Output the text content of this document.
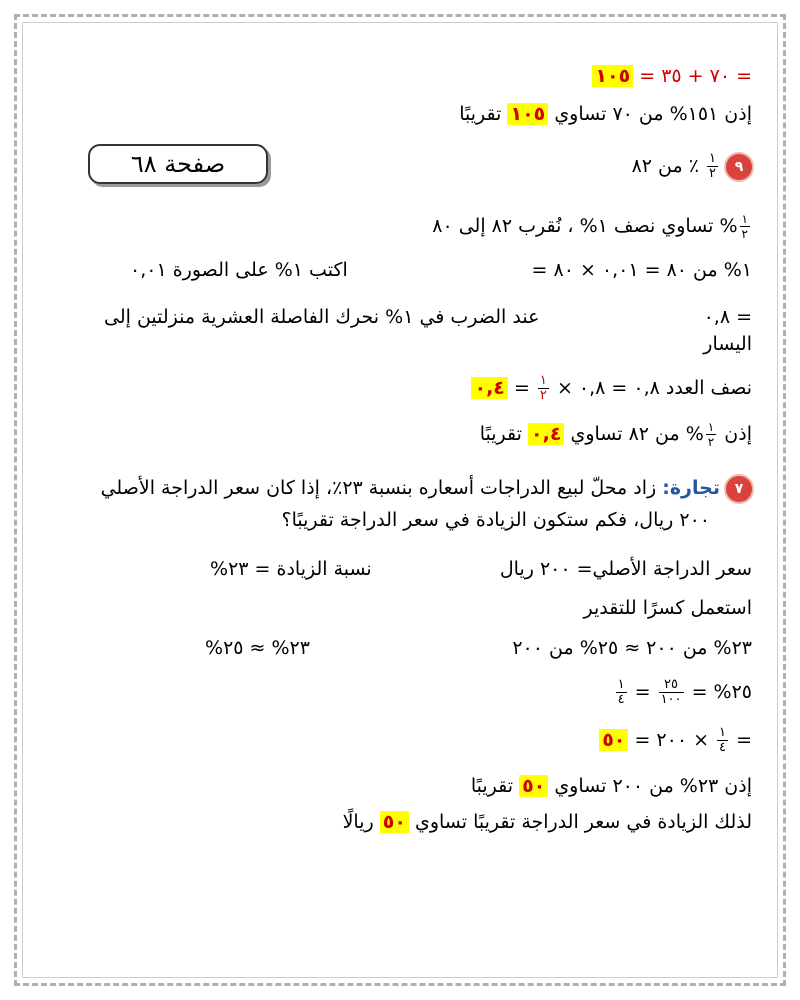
= ٧٠ + ٣٥ = ١٠٥
إذن ١٥١% من ٧٠ تساوي ١٠٥ تقريبًا
صفحة ٦٨	٩
$\frac{١}{٢}$
٪ من ٨٢
$\frac{١}{٢}$
% تساوي نصف ١% ، نُقرب ٨٢ إلى ٨٠
١% من ٨٠ = ٠,٠١ × ٨٠ =
اكتب ١% على الصورة ٠,٠١
= ٠,٨
عند الضرب في ١% نحرك الفاصلة العشرية منزلتين إلى
اليسار
نصف العدد ٠,٨ = ٠,٨ ×
$\frac{١}{٢}$
= ٠,٤
إذن
$\frac{١}{٢}$
% من ٨٢ تساوي ٠,٤ تقريبًا
٧ تجارة: زاد محلّ لبيع الدراجات أسعاره بنسبة ٢٣٪، إذا كان سعر الدراجة الأصلي
٢٠٠ ريال، فكم ستكون الزيادة في سعر الدراجة تقريبًا؟
سعر الدراجة الأصلي= ٢٠٠ ريال
نسبة الزيادة = ٢٣%
استعمل كسرًا للتقدير
٢٣% من ٢٠٠ ≈ ٢٥% من ٢٠٠
٢٣% ≈ ٢٥%
٢٥% =
$\frac{٢٥}{١٠٠}$
=
$\frac{١}{٤}$
=
$\frac{١}{٤}$
× ٢٠٠ = ٥٠
إذن ٢٣% من ٢٠٠ تساوي ٥٠ تقريبًا
لذلك الزيادة في سعر الدراجة تقريبًا تساوي ٥٠ ريالًا
